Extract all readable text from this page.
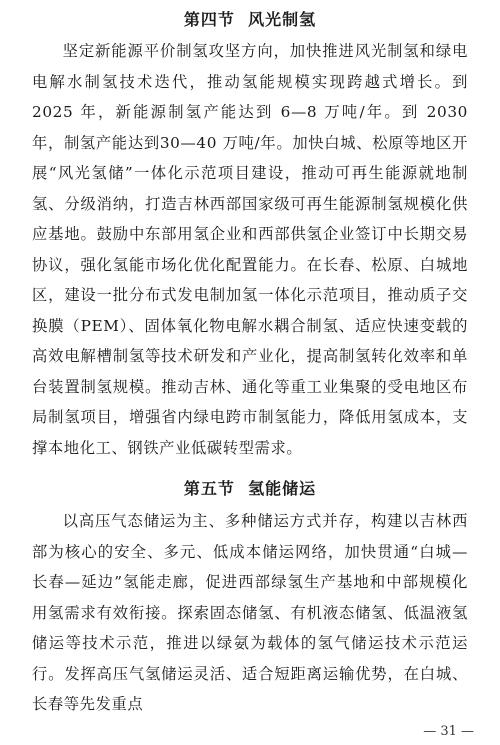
第四节  风光制氢

坚定新能源平价制氢攻坚方向，加快推进风光制氢和绿电电解水制氢技术迭代，推动氢能规模实现跨越式增长。到 2025 年，新能源制氢产能达到 6—8 万吨/年。到 2030 年，制氢产能达到30—40 万吨/年。加快白城、松原等地区开展“风光氢储”一体化示范项目建设，推动可再生能源就地制氢、分级消纳，打造吉林西部国家级可再生能源制氢规模化供应基地。鼓励中东部用氢企业和西部供氢企业签订中长期交易协议，强化氢能市场化优化配置能力。在长春、松原、白城地区，建设一批分布式发电制加氢一体化示范项目，推动质子交换膜（PEM）、固体氧化物电解水耦合制氢、适应快速变载的高效电解槽制氢等技术研发和产业化，提高制氢转化效率和单台装置制氢规模。推动吉林、通化等重工业集聚的受电地区布局制氢项目，增强省内绿电跨市制氢能力，降低用氢成本，支撑本地化工、钢铁产业低碳转型需求。

第五节  氢能储运

以高压气态储运为主、多种储运方式并存，构建以吉林西部为核心的安全、多元、低成本储运网络，加快贯通“白城—长春—延边”氢能走廊，促进西部绿氢生产基地和中部规模化用氢需求有效衔接。探索固态储氢、有机液态储氢、低温液氢储运等技术示范，推进以绿氨为载体的氢气储运技术示范运行。发挥高压气氢储运灵活、适合短距离运输优势，在白城、长春等先发重点

— 31 —
